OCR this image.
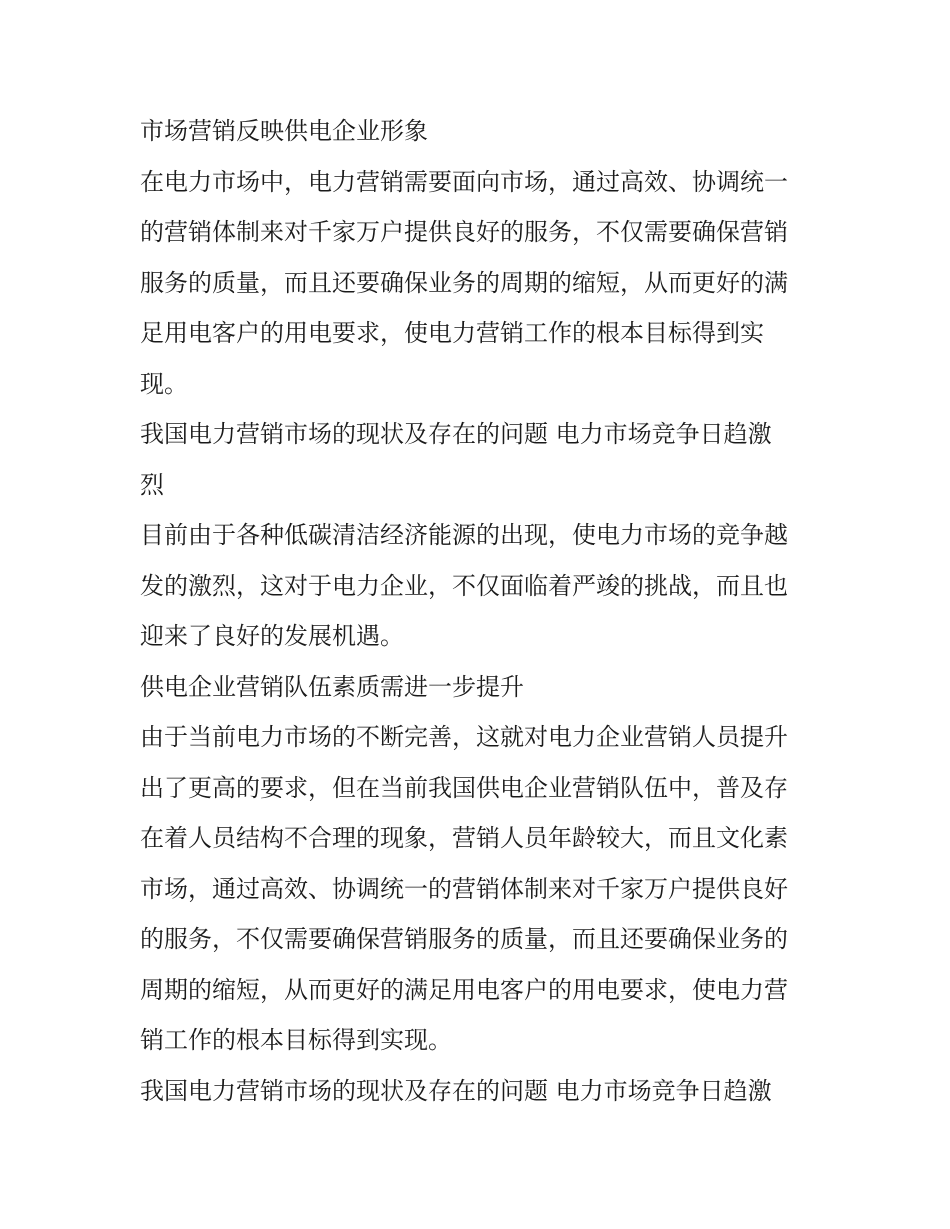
市场营销反映供电企业形象

在电力市场中，电力营销需要面向市场，通过高效、协调统一
的营销体制来对千家万户提供良好的服务，不仅需要确保营销
服务的质量，而且还要确保业务的周期的缩短，从而更好的满
足用电客户的用电要求，使电力营销工作的根本目标得到实
现。

我国电力营销市场的现状及存在的问题 电力市场竞争日趋激
烈

目前由于各种低碳清洁经济能源的出现，使电力市场的竞争越
发的激烈，这对于电力企业，不仅面临着严竣的挑战，而且也
迎来了良好的发展机遇。

供电企业营销队伍素质需进一步提升

由于当前电力市场的不断完善，这就对电力企业营销人员提升
出了更高的要求，但在当前我国供电企业营销队伍中，普及存
在着人员结构不合理的现象，营销人员年龄较大，而且文化素
市场，通过高效、协调统一的营销体制来对千家万户提供良好
的服务，不仅需要确保营销服务的质量，而且还要确保业务的
周期的缩短，从而更好的满足用电客户的用电要求，使电力营
销工作的根本目标得到实现。

我国电力营销市场的现状及存在的问题 电力市场竞争日趋激
